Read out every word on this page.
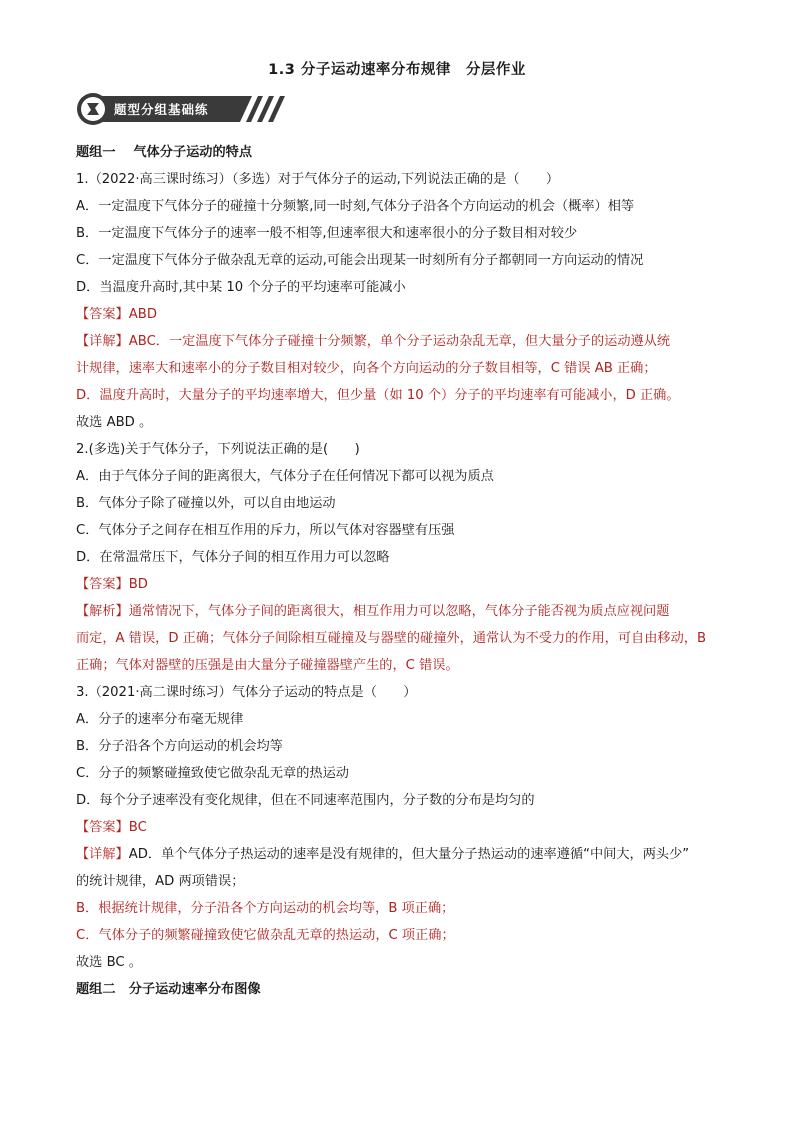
1.3 分子运动速率分布规律　分层作业
题型分组基础练
题组一　 气体分子运动的特点
1.（2022·高三课时练习）（多选）对于气体分子的运动,下列说法正确的是（　　）
A．一定温度下气体分子的碰撞十分频繁,同一时刻,气体分子沿各个方向运动的机会（概率）相等
B．一定温度下气体分子的速率一般不相等,但速率很大和速率很小的分子数目相对较少
C．一定温度下气体分子做杂乱无章的运动,可能会出现某一时刻所有分子都朝同一方向运动的情况
D．当温度升高时,其中某 10 个分子的平均速率可能减小
【答案】ABD
【详解】ABC．一定温度下气体分子碰撞十分频繁，单个分子运动杂乱无章，但大量分子的运动遵从统
计规律，速率大和速率小的分子数目相对较少，向各个方向运动的分子数目相等，C 错误 AB 正确；
D．温度升高时，大量分子的平均速率增大，但少量（如 10 个）分子的平均速率有可能减小，D 正确。
故选 ABD 。
2.(多选)关于气体分子，下列说法正确的是(　　)
A．由于气体分子间的距离很大，气体分子在任何情况下都可以视为质点
B．气体分子除了碰撞以外，可以自由地运动
C．气体分子之间存在相互作用的斥力，所以气体对容器壁有压强
D．在常温常压下，气体分子间的相互作用力可以忽略
【答案】BD
【解析】通常情况下，气体分子间的距离很大，相互作用力可以忽略，气体分子能否视为质点应视问题
而定，A 错误，D 正确；气体分子间除相互碰撞及与器壁的碰撞外，通常认为不受力的作用，可自由移动，B
正确；气体对器壁的压强是由大量分子碰撞器壁产生的，C 错误。
3.（2021·高二课时练习）气体分子运动的特点是（　　）
A．分子的速率分布毫无规律
B．分子沿各个方向运动的机会均等
C．分子的频繁碰撞致使它做杂乱无章的热运动
D．每个分子速率没有变化规律，但在不同速率范围内，分子数的分布是均匀的
【答案】BC
【详解】AD．单个气体分子热运动的速率是没有规律的，但大量分子热运动的速率遵循“中间大，两头少”
的统计规律，AD 两项错误；
B．根据统计规律，分子沿各个方向运动的机会均等，B 项正确；
C．气体分子的频繁碰撞致使它做杂乱无章的热运动，C 项正确；
故选 BC 。
题组二　分子运动速率分布图像
